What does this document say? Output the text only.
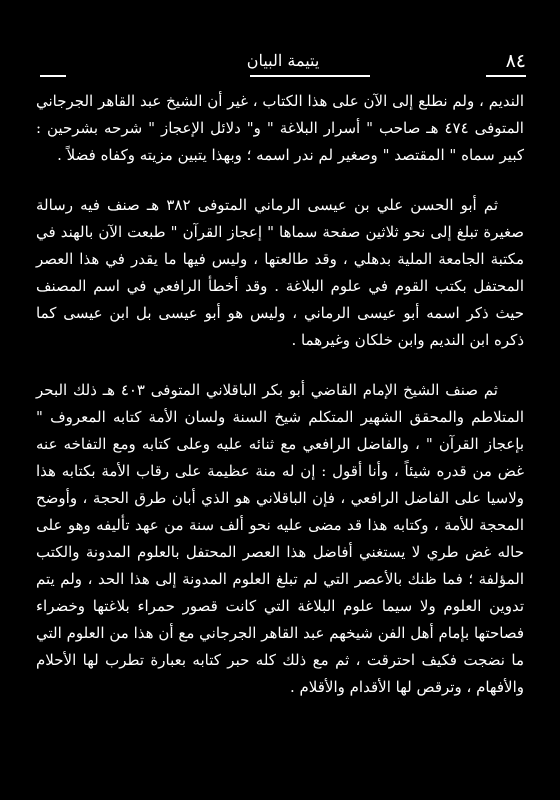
٨٤
يتيمة البيان

النديم ، ولم نطلع إلى الآن على هذا الكتاب ، غير أن الشيخ عبد القاهر الجرجاني المتوفى ٤٧٤ هـ صاحب " أسرار البلاغة " و" دلائل الإعجاز " شرحه بشرحين : كبير سماه " المقتصد " وصغير لم ندر اسمه ؛ وبهذا يتبين مزيته وكفاه فضلاً .

ثم أبو الحسن علي بن عيسى الرماني المتوفى ٣٨٢ هـ صنف فيه رسالة صغيرة تبلغ إلى نحو ثلاثين صفحة سماها " إعجاز القرآن " طبعت الآن بالهند في مكتبة الجامعة الملية بدهلي ، وقد طالعتها ، وليس فيها ما يقدر في هذا العصر المحتفل بكتب القوم في علوم البلاغة . وقد أخطأ الرافعي في اسم المصنف حيث ذكر اسمه أبو عيسى الرماني ، وليس هو أبو عيسى بل ابن عيسى كما ذكره ابن النديم وابن خلكان وغيرهما .

ثم صنف الشيخ الإمام القاضي أبو بكر الباقلاني المتوفى ٤٠٣ هـ ذلك البحر المتلاطم والمحقق الشهير المتكلم شيخ السنة ولسان الأمة كتابه المعروف " بإعجاز القرآن " ، والفاضل الرافعي مع ثنائه عليه وعلى كتابه ومع التفاخه عنه غض من قدره شيئاً ، وأنا أقول : إن له منة عظيمة على رقاب الأمة بكتابه هذا ولاسيا على الفاضل الرافعي ، فإن الباقلاني هو الذي أبان طرق الحجة ، وأوضح المحجة للأمة ، وكتابه هذا قد مضى عليه نحو ألف سنة من عهد تأليفه وهو على حاله غض طري لا يستغني أفاضل هذا العصر المحتفل بالعلوم المدونة والكتب المؤلفة ؛ فما ظنك بالأعصر التي لم تبلغ العلوم المدونة إلى هذا الحد ، ولم يتم تدوين العلوم ولا سيما علوم البلاغة التي كانت قصور حمراء بلاغتها وخضراء فصاحتها بإمام أهل الفن شيخهم عبد القاهر الجرجاني مع أن هذا من العلوم التي ما نضجت فكيف احترقت ، ثم مع ذلك كله حبر كتابه بعبارة تطرب لها الأحلام والأفهام ، وترقص لها الأقدام والأقلام .
